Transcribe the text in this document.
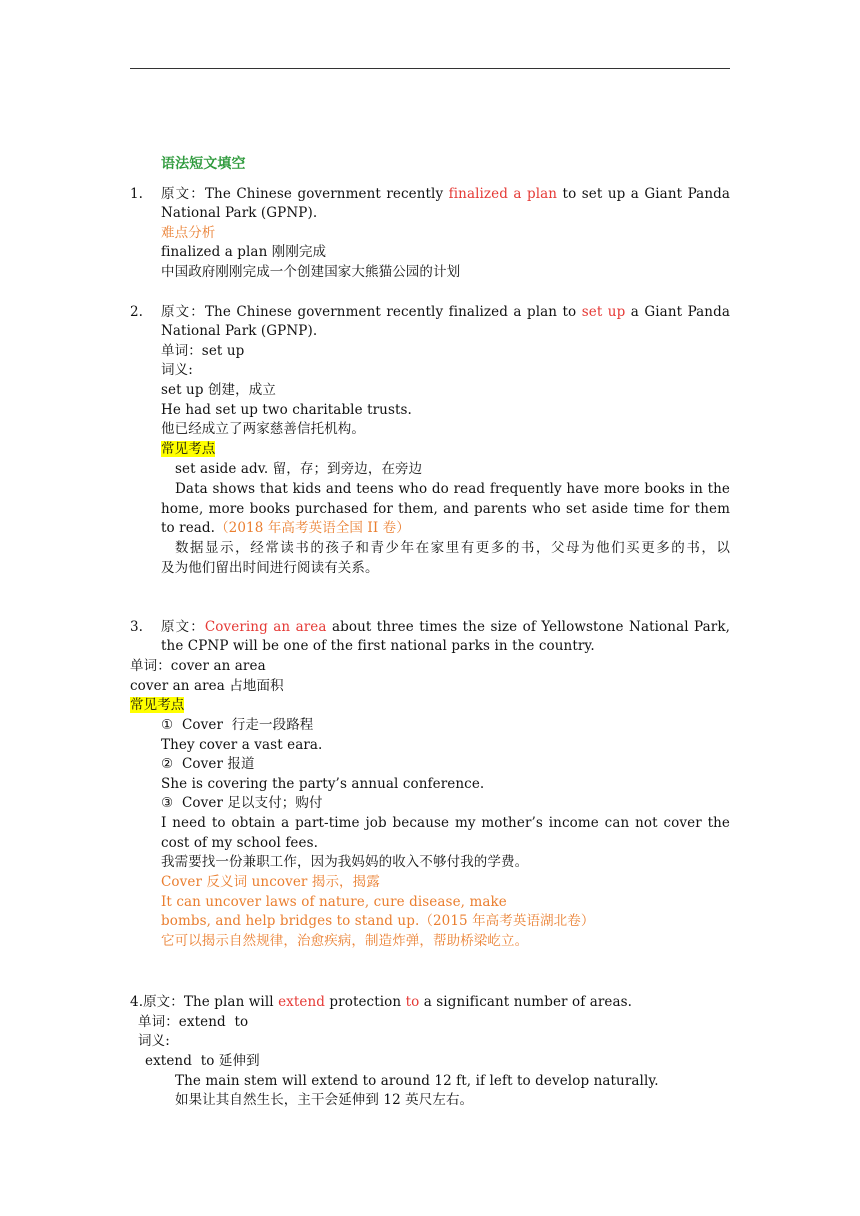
语法短文填空
1. 原文：The Chinese government recently finalized a plan to set up a Giant Panda
National Park (GPNP).
难点分析
finalized a plan 刚刚完成
中国政府刚刚完成一个创建国家大熊猫公园的计划
2. 原文：The Chinese government recently finalized a plan to set up a Giant Panda
National Park (GPNP).
单词：set up
词义:
set up 创建，成立
He had set up two charitable trusts.
他已经成立了两家慈善信托机构。
常见考点
set aside adv. 留，存；到旁边，在旁边
Data shows that kids and teens who do read frequently have more books in the
home, more books purchased for them, and parents who set aside time for them
to read.（2018 年高考英语全国 II 卷）
数据显示，经常读书的孩子和青少年在家里有更多的书，父母为他们买更多的书，以
及为他们留出时间进行阅读有关系。
3. 原文：Covering an area about three times the size of Yellowstone National Park,
the CPNP will be one of the first national parks in the country.
单词：cover an area
cover an area 占地面积
常见考点
①  Cover  行走一段路程
They cover a vast eara.
②  Cover 报道
She is covering the party’s annual conference.
③  Cover 足以支付；购付
I need to obtain a part-time job because my mother’s income can not cover the
cost of my school fees.
我需要找一份兼职工作，因为我妈妈的收入不够付我的学费。
Cover 反义词 uncover 揭示，揭露
It can uncover laws of nature, cure disease, make
bombs, and help bridges to stand up.（2015 年高考英语湖北卷）
它可以揭示自然规律，治愈疾病，制造炸弹，帮助桥梁屹立。
4.原文：The plan will extend protection to a significant number of areas.
单词：extend  to
词义:
extend  to 延伸到
The main stem will extend to around 12 ft, if left to develop naturally.
如果让其自然生长，主干会延伸到 12 英尺左右。
